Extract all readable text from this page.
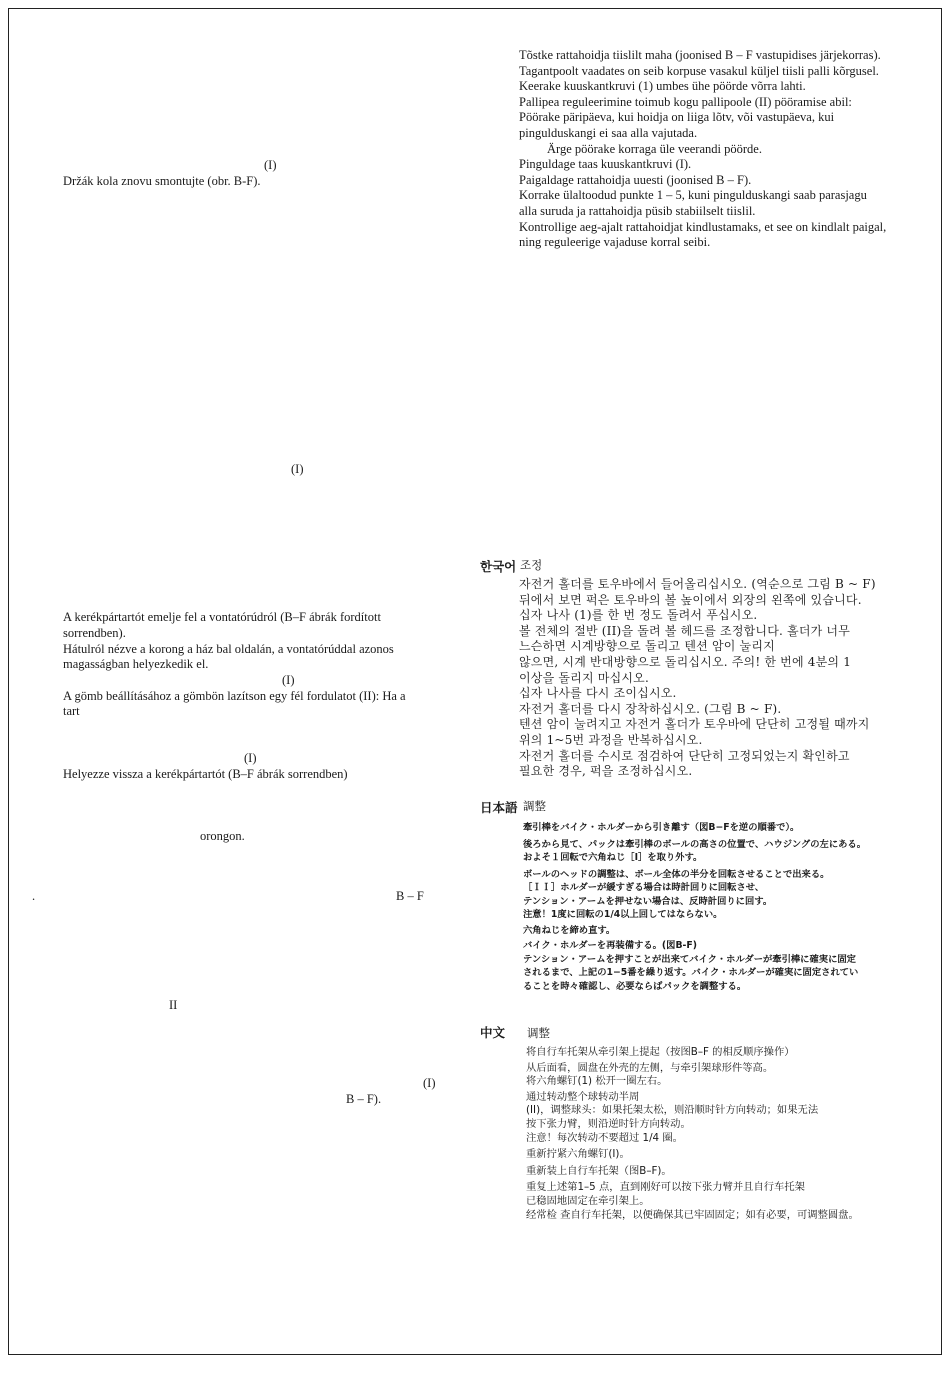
(I)
Držák kola znovu smontujte (obr. B-F).
Tõstke rattahoidja tiislilt maha (joonised B – F vastupidises järjekorras).
Tagantpoolt vaadates on seib korpuse vasakul küljel tiisli palli kõrgusel.
Keerake kuuskantkruvi (1) umbes ühe pöörde võrra lahti.
Pallipea reguleerimine toimub kogu pallipoole (II) pööramise abil:
Pöörake päripäeva, kui hoidja on liiga lõtv, või vastupäeva, kui
pingulduskangi ei saa alla vajutada.
Ärge pöörake korraga üle veerandi pöörde.
Pinguldage taas kuuskantkruvi (I).
Paigaldage rattahoidja uuesti (joonised B – F).
Korrake ülaltoodud punkte 1 – 5, kuni pingulduskangi saab parasjagu
alla suruda ja rattahoidja püsib stabiilselt tiislil.
Kontrollige aeg-ajalt rattahoidjat kindlustamaks, et see on kindlalt paigal,
ning reguleerige vajaduse korral seibi.
(I)
A kerékpártartót emelje fel a vontatórúdról (B–F ábrák fordított
sorrendben).
Hátulról nézve a korong a ház bal oldalán, a vontatórúddal azonos
magasságban helyezkedik el.
(I)
A gömb beállításához a gömbön lazítson egy fél fordulatot (II): Ha a
tart
(I)
Helyezze vissza a kerékpártartót (B–F ábrák sorrendben)
orongon.
.	B – F
II
(I)
B – F).
한국어 조정
자전거 홀더를 토우바에서 들어올리십시오. (역순으로 그림 B ~ F)
뒤에서 보면 퍽은 토우바의 볼 높이에서 외장의 왼쪽에 있습니다.
십자 나사 (1)를 한 번 정도 돌려서 푸십시오.
볼 전체의 절반 (II)을 돌려 볼 헤드를 조정합니다. 홀더가 너무
느슨하면 시계방향으로 돌리고 텐션 암이 눌리지
않으면, 시계 반대방향으로 돌리십시오. 주의! 한 번에 4분의 1
이상을 돌리지 마십시오.
십자 나사를 다시 조이십시오.
자전거 홀더를 다시 장착하십시오. (그림 B ~ F).
텐션 암이 눌려지고 자전거 홀더가 토우바에 단단히 고정될 때까지
위의 1~5번 과정을 반복하십시오.
자전거 홀더를 수시로 점검하여 단단히 고정되었는지 확인하고
필요한 경우, 퍽을 조정하십시오.
日本語 調整
牽引棒をバイク・ホルダーから引き離す（図B−Fを逆の順番で）。
後ろから見て、パックは牽引棒のボールの高さの位置で、ハウジングの左にある。
およそ１回転で六角ねじ［I］を取り外す。
ボールのヘッドの調整は、ボール全体の半分を回転させることで出来る。
［ＩＩ］ホルダーが緩すぎる場合は時計回りに回転させ、
テンション・アームを押せない場合は、反時計回りに回す。
注意！1度に回転の1/4以上回してはならない。
六角ねじを締め直す。
バイク・ホルダーを再装備する。(図B-F)
テンション・アームを押すことが出来てバイク・ホルダーが牽引棒に確実に固定
されるまで、上記の1−5番を繰り返す。バイク・ホルダーが確実に固定されてい
ることを時々確認し、必要ならばパックを調整する。
中文 调整
将自行车托架从牵引架上提起（按图B–F 的相反顺序操作）
从后面看，圆盘在外壳的左侧，与牵引架球形件等高。
将六角螺钉(1) 松开一圈左右。
通过转动整个球转动半周
(II)，调整球头：如果托架太松，则沿顺时针方向转动；如果无法
按下张力臂，则沿逆时针方向转动。
注意！每次转动不要超过 1/4 圈。
重新拧紧六角螺钉(I)。
重新装上自行车托架（图B–F)。
重复上述第1–5 点，直到刚好可以按下张力臂并且自行车托架
已稳固地固定在牵引架上。
经常检 查自行车托架，以便确保其已牢固固定；如有必要，可调整圆盘。
